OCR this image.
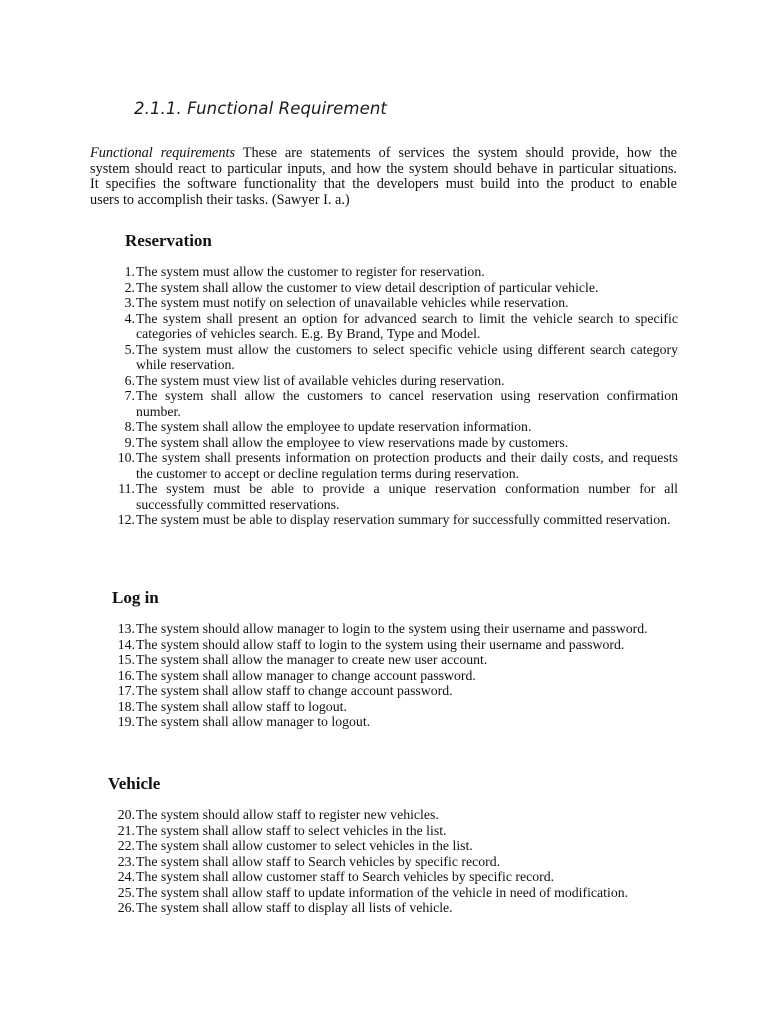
2.1.1. Functional Requirement
Functional requirements These are statements of services the system should provide, how the
system should react to particular inputs, and how the system should behave in particular situations.
It specifies the software functionality that the developers must build into the product to enable
users to accomplish their tasks. (Sawyer I. a.)
Reservation
1. The system must allow the customer to register for reservation.
2. The system shall allow the customer to view detail description of particular vehicle.
3. The system must notify on selection of unavailable vehicles while reservation.
4. The system shall present an option for advanced search to limit the vehicle search to specific categories of vehicles search. E.g. By Brand, Type and Model.
5. The system must allow the customers to select specific vehicle using different search category while reservation.
6. The system must view list of available vehicles during reservation.
7. The system shall allow the customers to cancel reservation using reservation confirmation number.
8. The system shall allow the employee to update reservation information.
9. The system shall allow the employee to view reservations made by customers.
10. The system shall presents information on protection products and their daily costs, and requests the customer to accept or decline regulation terms during reservation.
11. The system must be able to provide a unique reservation conformation number for all successfully committed reservations.
12. The system must be able to display reservation summary for successfully committed reservation.
Log in
13. The system should allow manager to login to the system using their username and password.
14. The system should allow staff to login to the system using their username and password.
15. The system shall allow the manager to create new user account.
16. The system shall allow manager to change account password.
17. The system shall allow staff to change account password.
18. The system shall allow staff to logout.
19. The system shall allow manager to logout.
Vehicle
20. The system should allow staff to register new vehicles.
21. The system shall allow staff to select vehicles in the list.
22. The system shall allow customer to select vehicles in the list.
23. The system shall allow staff to Search vehicles by specific record.
24. The system shall allow customer staff to Search vehicles by specific record.
25. The system shall allow staff to update information of the vehicle in need of modification.
26. The system shall allow staff to display all lists of vehicle.
